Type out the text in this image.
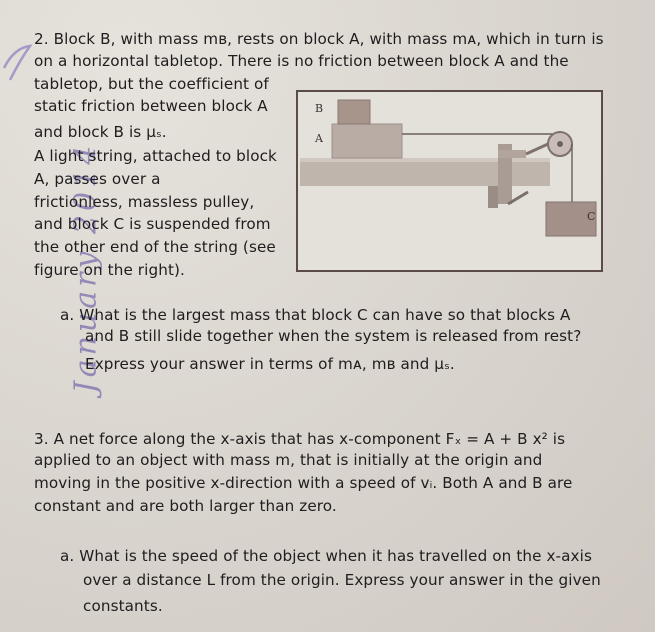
January 2014
2. Block B, with mass mʙ, rests on block A, with mass mᴀ, which in turn is
on a horizontal tabletop. There is no friction between block A and the
tabletop, but the coefficient of
static friction between block A
and block B is μₛ.
A light string, attached to block
A, passes over a
frictionless, massless pulley,
and block C is suspended from
the other end of the string (see
figure on the right).
B
A
C
a. What is the largest mass that block C can have so that blocks A
and B still slide together when the system is released from rest?
Express your answer in terms of mᴀ, mʙ and μₛ.
3. A net force along the x-axis that has x-component Fₓ = A + B x² is
applied to an object with mass m, that is initially at the origin and
moving in the positive x-direction with a speed of vᵢ. Both A and B are
constant and are both larger than zero.
a. What is the speed of the object when it has travelled on the x-axis
over a distance L from the origin. Express your answer in the given
constants.
